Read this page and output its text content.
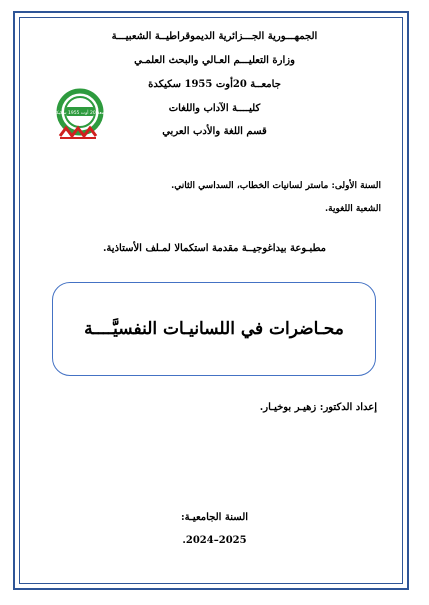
الجمهـــورية الجـــزائرية الديموقراطيــة الشعبيـــة
وزارة التعليـــم العـالي والبحث العلمـي
جامعــة 20أوت 1955 سكيكدة
كليــــة الآداب واللغات
قسم اللغة والأدب العربي
جامعة 20 أوت 1955 سكيكدة
السنة الأولى: ماستر لسانيات الخطاب، السداسي الثاني.
الشعبة اللغوية.
مطبـوعة بيداغوجيــة مقدمة استكمالا لمـلف الأستاذية.
محـاضرات في اللسانيـات النفسيَّــــة
إعداد الدكتور: زهيـر بوخيـار.
السنة الجامعيـة:
2025–2024.
